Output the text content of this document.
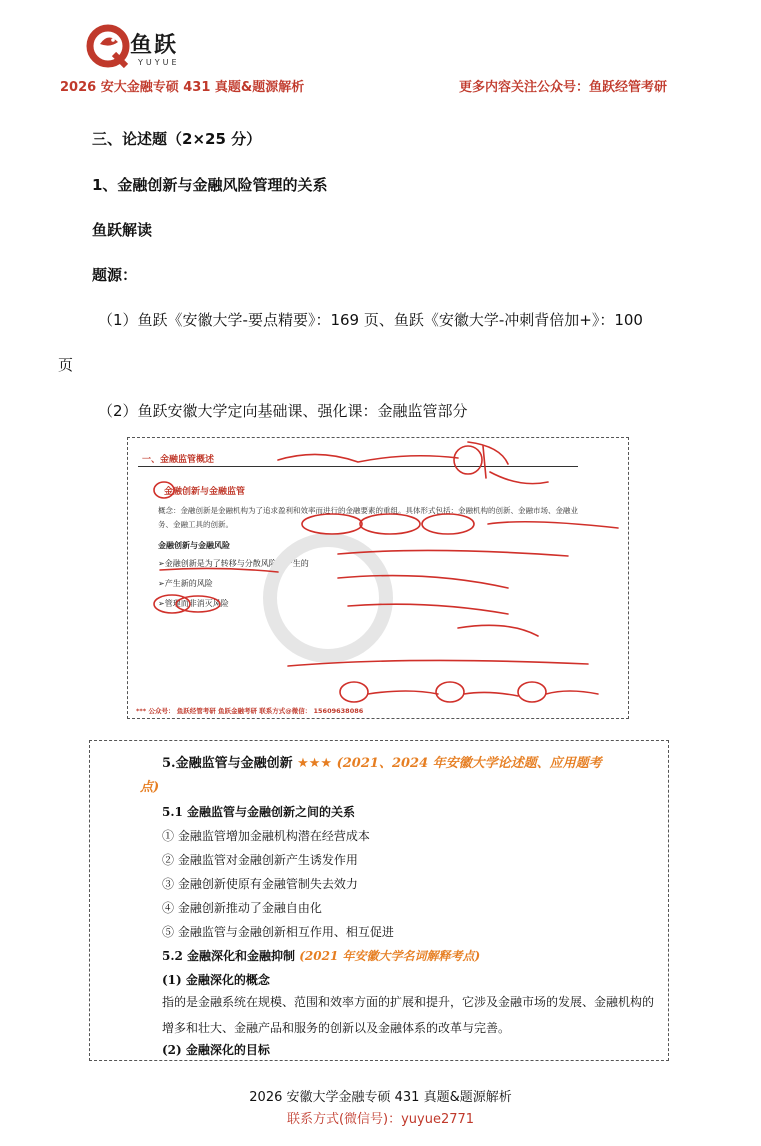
鱼跃
YUYUE
2026 安大金融专硕 431 真题&题源解析	更多内容关注公众号：鱼跃经管考研
三、论述题（2×25 分）
1、金融创新与金融风险管理的关系
鱼跃解读
题源：
（1）鱼跃《安徽大学-要点精要》：169 页、鱼跃《安徽大学-冲刺背倍加+》：100
页
（2）鱼跃安徽大学定向基础课、强化课：金融监管部分
一、金融监管概述
金融创新与金融监管
概念：金融创新是金融机构为了追求盈利和效率而进行的金融要素的重组。具体形式包括：金融机构的创新、金融市场、金融业务、金融工具的创新。
金融创新与金融风险
➢金融创新是为了转移与分散风险而产生的
➢产生新的风险
➢管理而非消灭风险
*** 公众号： 鱼跃经管考研 鱼跃金融考研 联系方式@微信： 15609638086
5.金融监管与金融创新 ★★★ (2021、2024 年安徽大学论述题、应用题考
点)
5.1 金融监管与金融创新之间的关系
① 金融监管增加金融机构潜在经营成本
② 金融监管对金融创新产生诱发作用
③ 金融创新使原有金融管制失去效力
④ 金融创新推动了金融自由化
⑤ 金融监管与金融创新相互作用、相互促进
5.2 金融深化和金融抑制 (2021 年安徽大学名词解释考点)
(1) 金融深化的概念
指的是金融系统在规模、范围和效率方面的扩展和提升，它涉及金融市场的发展、金融机构的增多和壮大、金融产品和服务的创新以及金融体系的改革与完善。
(2) 金融深化的目标
2026 安徽大学金融专硕 431 真题&题源解析
联系方式(微信号)：yuyue2771
